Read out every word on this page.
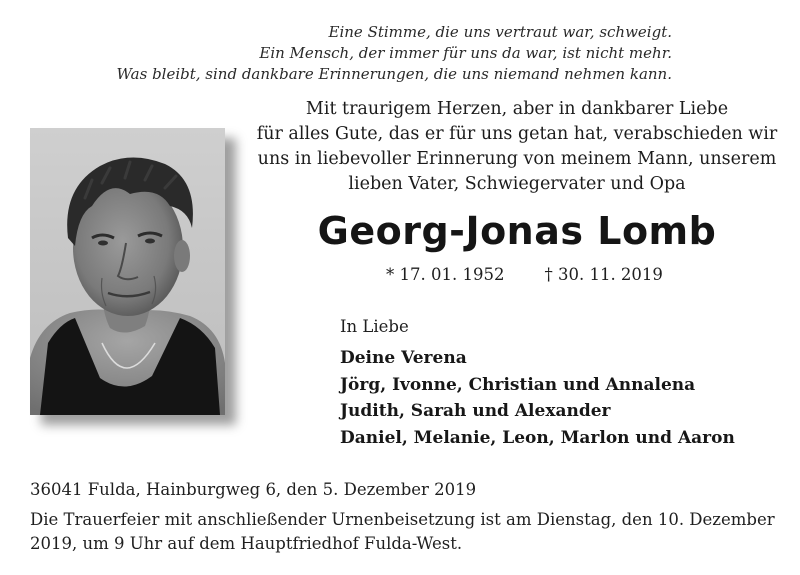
Eine Stimme, die uns vertraut war, schweigt.
Ein Mensch, der immer für uns da war, ist nicht mehr.
Was bleibt, sind dankbare Erinnerungen, die uns niemand nehmen kann.
Mit traurigem Herzen, aber in dankbarer Liebe
für alles Gute, das er für uns getan hat, verabschieden wir
uns in liebevoller Erinnerung von meinem Mann, unserem
lieben Vater, Schwiegervater und Opa
Georg-Jonas Lomb
* 17. 01. 1952 † 30. 11. 2019
In Liebe
Deine Verena
Jörg, Ivonne, Christian und Annalena
Judith, Sarah und Alexander
Daniel, Melanie, Leon, Marlon und Aaron
36041 Fulda, Hainburgweg 6, den 5. Dezember 2019
Die Trauerfeier mit anschließender Urnenbeisetzung ist am Dienstag, den 10. Dezember
2019, um 9 Uhr auf dem Hauptfriedhof Fulda-West.
